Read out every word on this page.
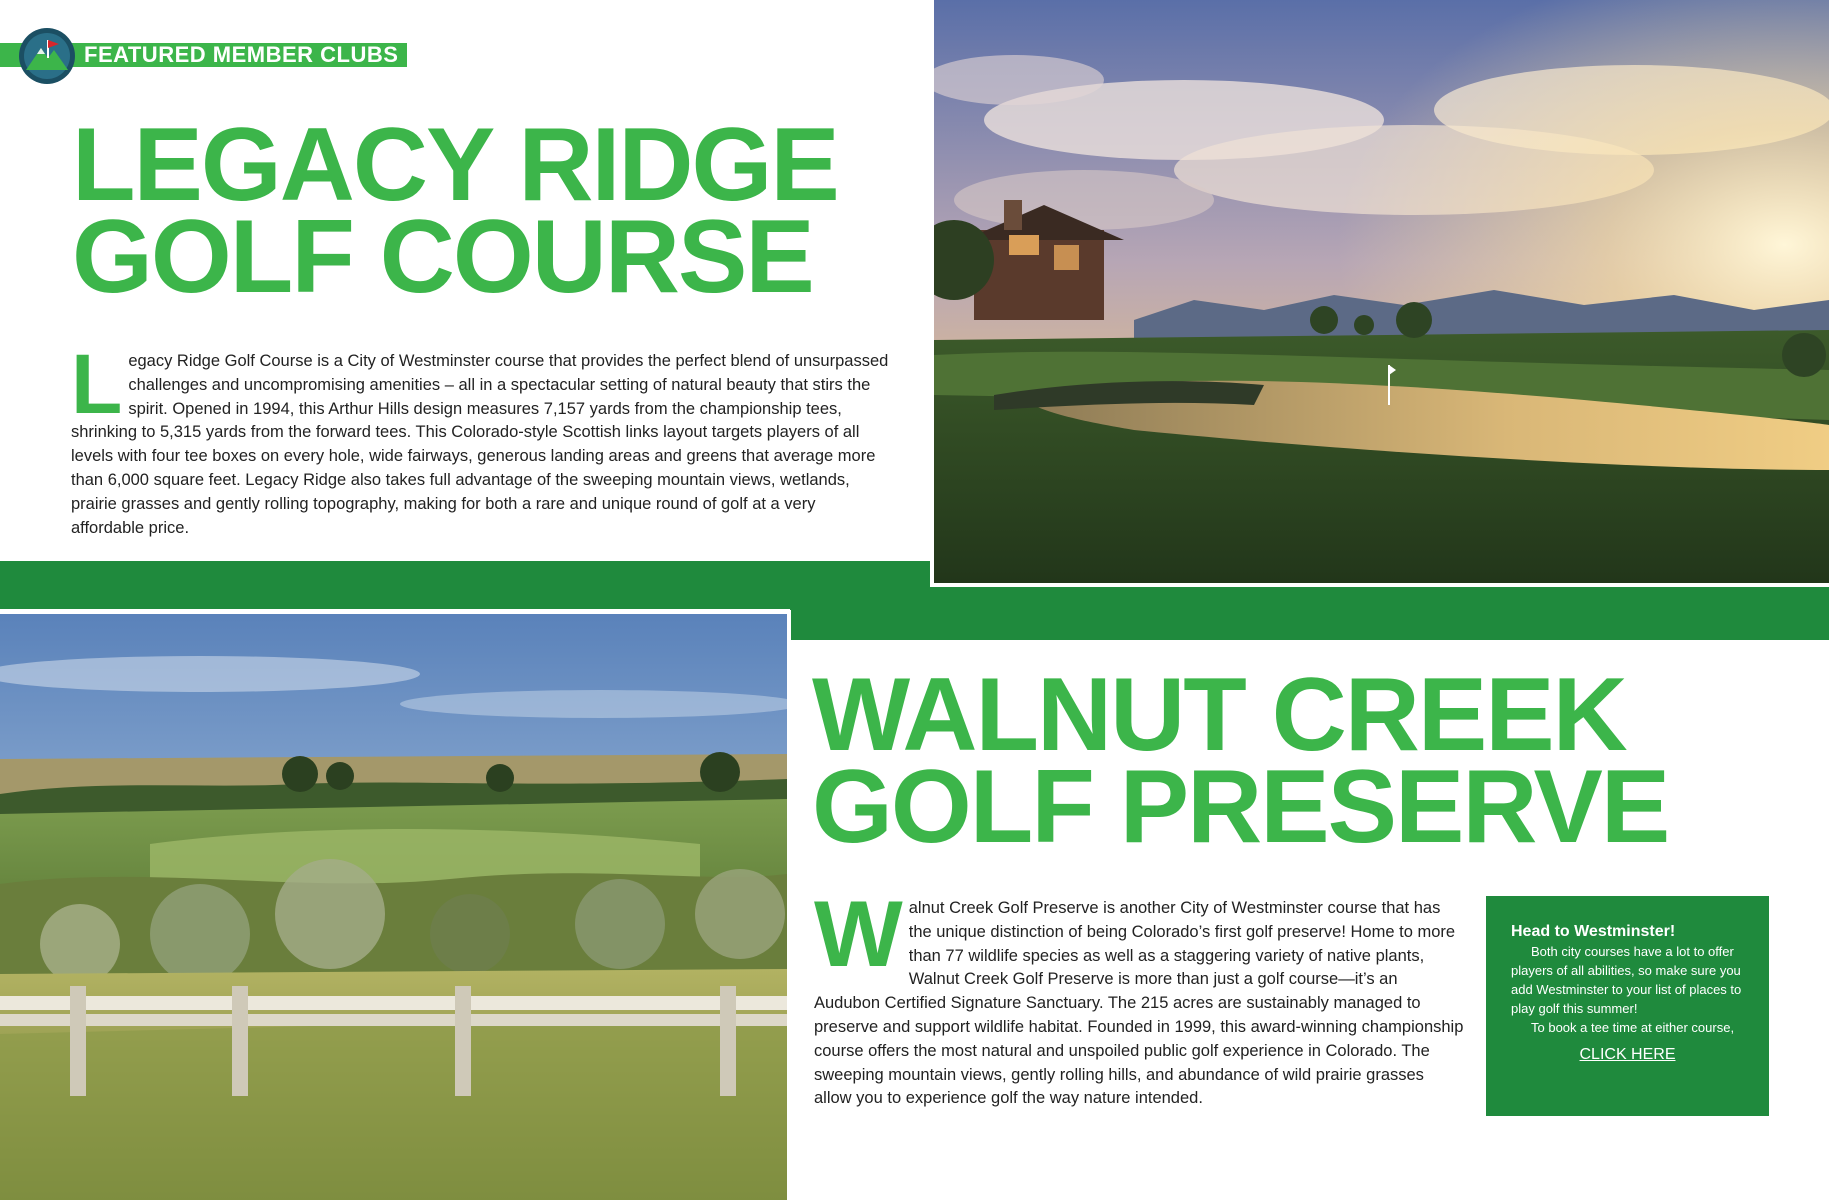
FEATURED MEMBER CLUBS
LEGACY RIDGE
GOLF COURSE

Legacy Ridge Golf Course is a City of Westminster course that provides the perfect blend of unsurpassed challenges and uncompromising amenities – all in a spectacular setting of natural beauty that stirs the spirit. Opened in 1994, this Arthur Hills design measures 7,157 yards from the championship tees, shrinking to 5,315 yards from the forward tees. This Colorado-style Scottish links layout targets players of all levels with four tee boxes on every hole, wide fairways, generous landing areas and greens that average more than 6,000 square feet. Legacy Ridge also takes full advantage of the sweeping mountain views, wetlands, prairie grasses and gently rolling topography, making for both a rare and unique round of golf at a very affordable price.

WALNUT CREEK
GOLF PRESERVE

Walnut Creek Golf Preserve is another City of Westminster course that has the unique distinction of being Colorado’s first golf preserve! Home to more than 77 wildlife species as well as a staggering variety of native plants, Walnut Creek Golf Preserve is more than just a golf course—it’s an Audubon Certified Signature Sanctuary. The 215 acres are sustainably managed to preserve and support wildlife habitat. Founded in 1999, this award-winning championship course offers the most natural and unspoiled public golf experience in Colorado. The sweeping mountain views, gently rolling hills, and abundance of wild prairie grasses allow you to experience golf the way nature intended.

Head to Westminster!

Both city courses have a lot to offer players of all abilities, so make sure you add Westminster to your list of places to play golf this summer!

To book a tee time at either course,

CLICK HERE
